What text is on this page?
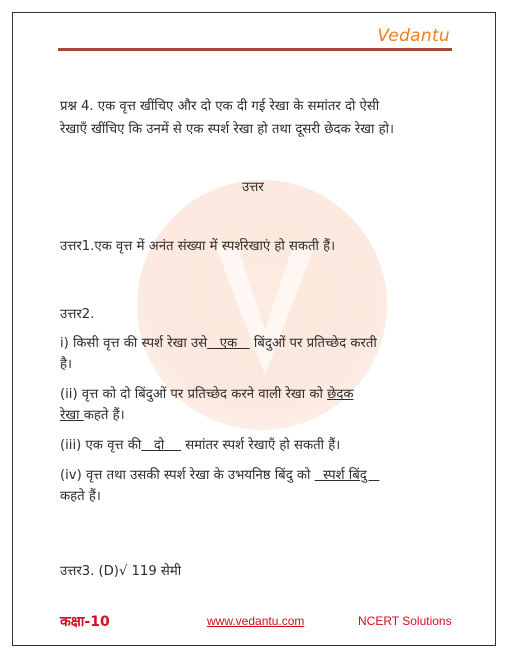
Vedantu
प्रश्न 4. एक वृत्त खींचिए और दो एक दी गई रेखा के समांतर दो ऐसी
रेखाएँ खींचिए कि उनमें से एक स्पर्श रेखा हो तथा दूसरी छेदक रेखा हो।
उत्तर
उत्तर1.एक वृत्त में अनंत संख्या में स्पर्शरेखाएं हो सकती हैं।
उत्तर2.
i) किसी वृत्त की स्पर्श रेखा उसे   एक    बिंदुओं पर प्रतिच्छेद करती
है।
(ii) वृत्त को दो बिंदुओं पर प्रतिच्छेद करने वाली रेखा को छेदक
रेखा कहते हैं।
(iii) एक वृत्त की   दो     समांतर स्पर्श रेखाएँ हो सकती हैं।
(iv) वृत्त तथा उसकी स्पर्श रेखा के उभयनिष्ठ बिंदु को   स्पर्श बिंदु
कहते हैं।
उत्तर3. (D)√ 119 सेमी
कक्षा-10	www.vedantu.com	NCERT Solutions
